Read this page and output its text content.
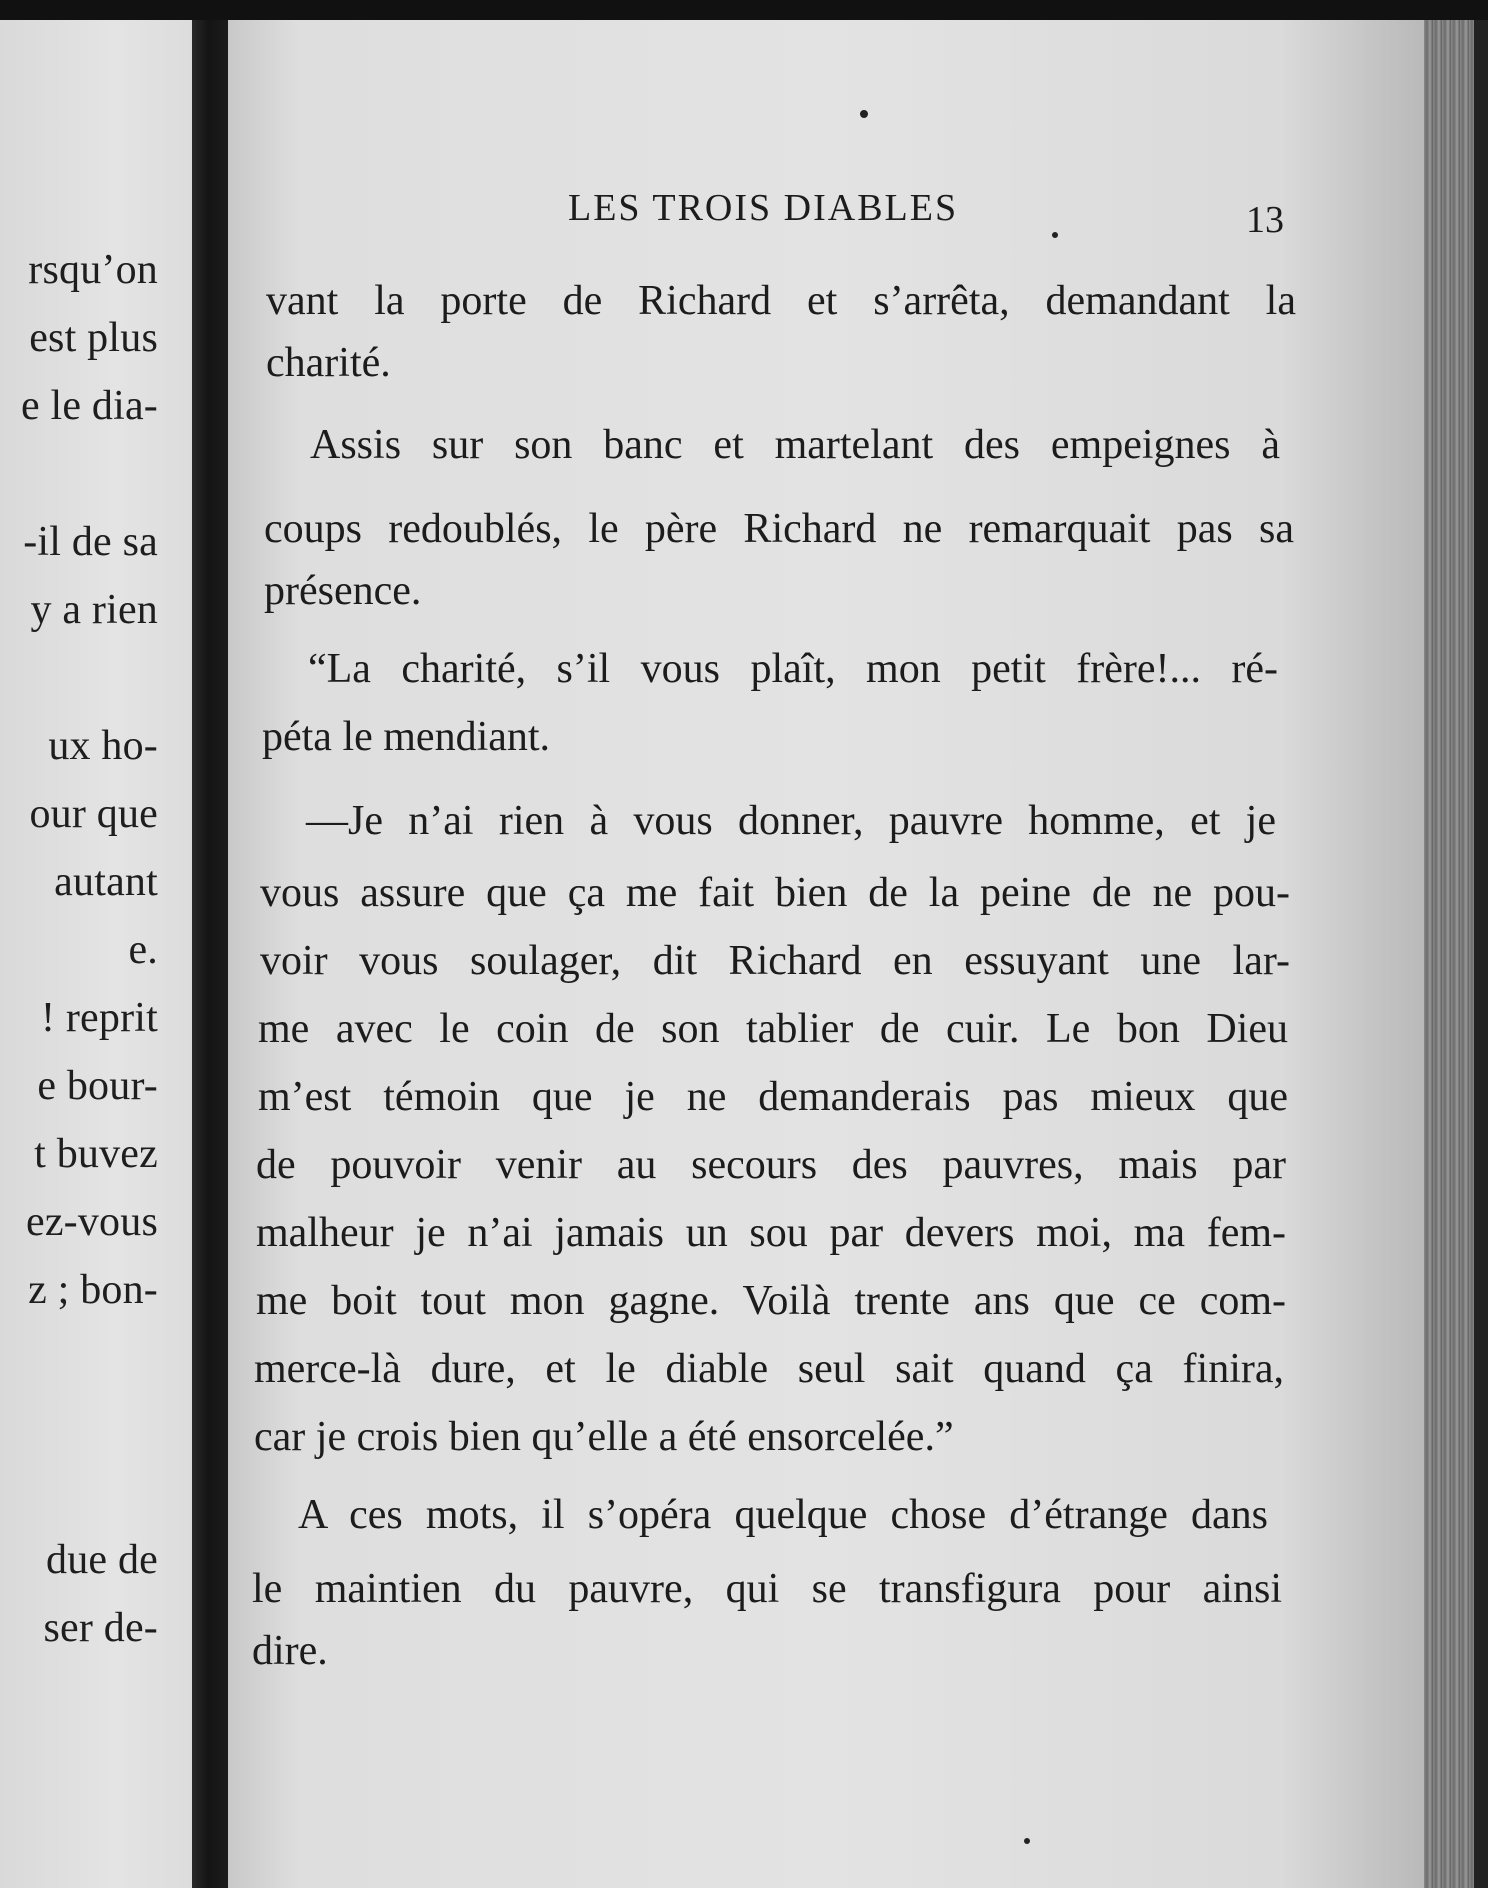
rsqu’on
est plus
e le dia-
-il de sa
y a rien
ux ho-
our que
autant
e.
! reprit
e bour-
t buvez
ez-vous
z ; bon-
due de
ser de-
LES TROIS DIABLES	13
vant la porte de Richard et s’arrêta, demandant la
charité.
Assis sur son banc et martelant des empeignes à
coups redoublés, le père Richard ne remarquait pas sa
présence.
“La charité, s’il vous plaît, mon petit frère!... ré-
péta le mendiant.
—Je n’ai rien à vous donner, pauvre homme, et je
vous assure que ça me fait bien de la peine de ne pou-
voir vous soulager, dit Richard en essuyant une lar-
me avec le coin de son tablier de cuir. Le bon Dieu
m’est témoin que je ne demanderais pas mieux que
de pouvoir venir au secours des pauvres, mais par
malheur je n’ai jamais un sou par devers moi, ma fem-
me boit tout mon gagne. Voilà trente ans que ce com-
merce-là dure, et le diable seul sait quand ça finira,
car je crois bien qu’elle a été ensorcelée.”
A ces mots, il s’opéra quelque chose d’étrange dans
le maintien du pauvre, qui se transfigura pour ainsi
dire.
